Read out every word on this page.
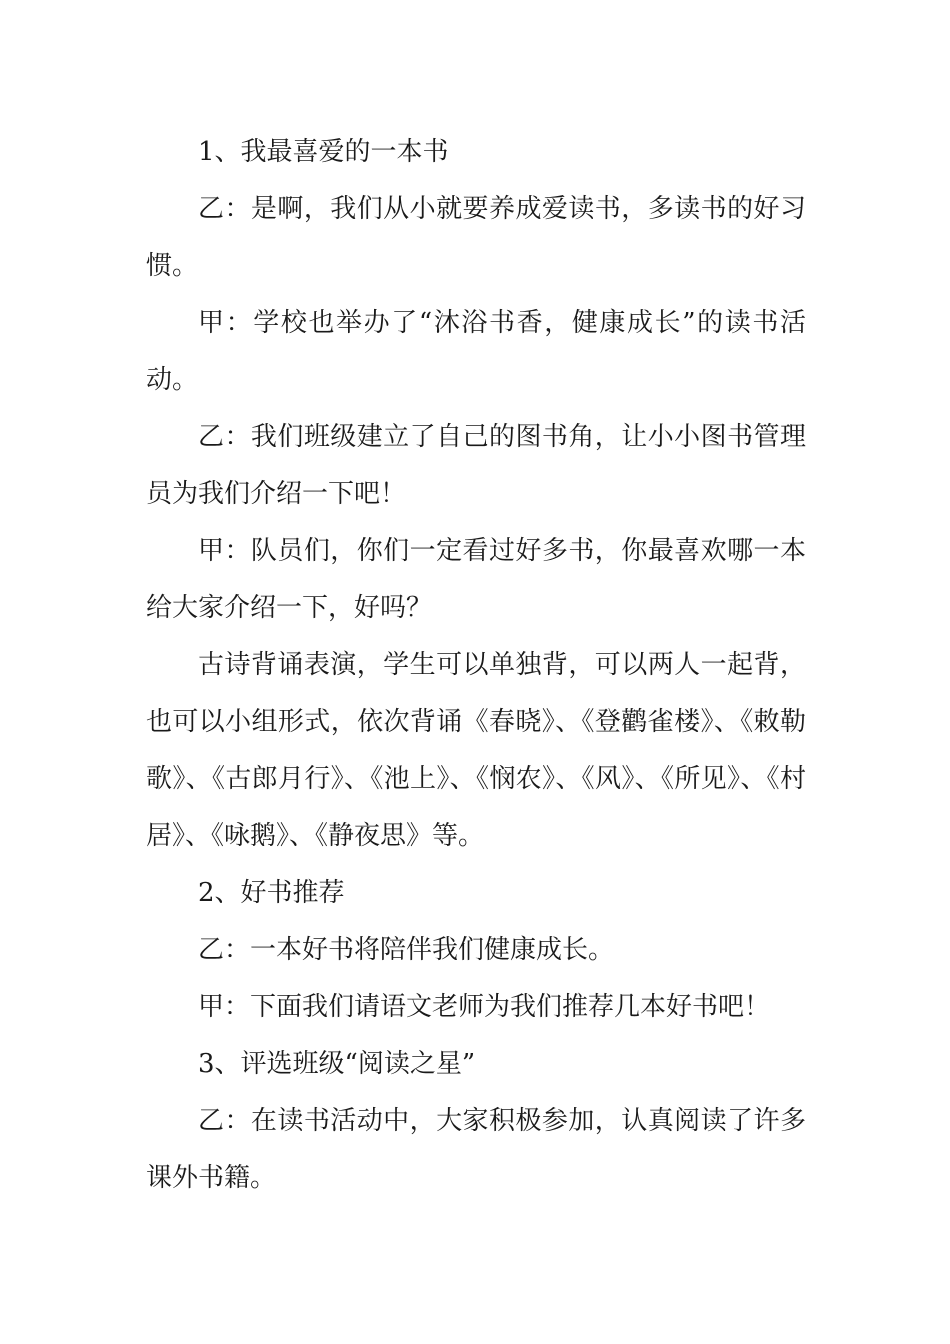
1、我最喜爱的一本书

乙：是啊，我们从小就要养成爱读书，多读书的好习惯。

甲：学校也举办了“沐浴书香，健康成长”的读书活动。

乙：我们班级建立了自己的图书角，让小小图书管理员为我们介绍一下吧！

甲：队员们，你们一定看过好多书，你最喜欢哪一本给大家介绍一下，好吗？

古诗背诵表演，学生可以单独背，可以两人一起背，也可以小组形式，依次背诵《春晓》、《登鹳雀楼》、《敕勒歌》、《古郎月行》、《池上》、《悯农》、《风》、《所见》、《村居》、《咏鹅》、《静夜思》等。

2、好书推荐

乙：一本好书将陪伴我们健康成长。

甲：下面我们请语文老师为我们推荐几本好书吧！

3、评选班级“阅读之星”

乙：在读书活动中，大家积极参加，认真阅读了许多课外书籍。
